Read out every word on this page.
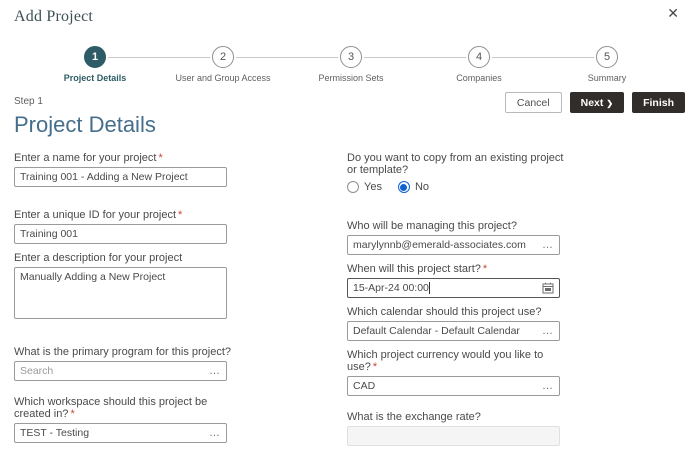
Add Project	✕
1
Project Details
2
User and Group Access
3
Permission Sets
4
Companies
5
Summary
Step 1	Cancel	Next ❯	Finish
Project Details
Enter a name for your project *
Training 001 - Adding a New Project
Enter a unique ID for your project *
Training 001
Enter a description for your project
Manually Adding a New Project
What is the primary program for this project?
Search	…
Which workspace should this project be created in? *
TEST - Testing	…
Do you want to copy from an existing project or template?
Yes	No
Who will be managing this project?
marylynnb@emerald-associates.com	…
When will this project start? *
15-Apr-24 00:00
Which calendar should this project use?
Default Calendar - Default Calendar	…
Which project currency would you like to use? *
CAD	…
What is the exchange rate?
